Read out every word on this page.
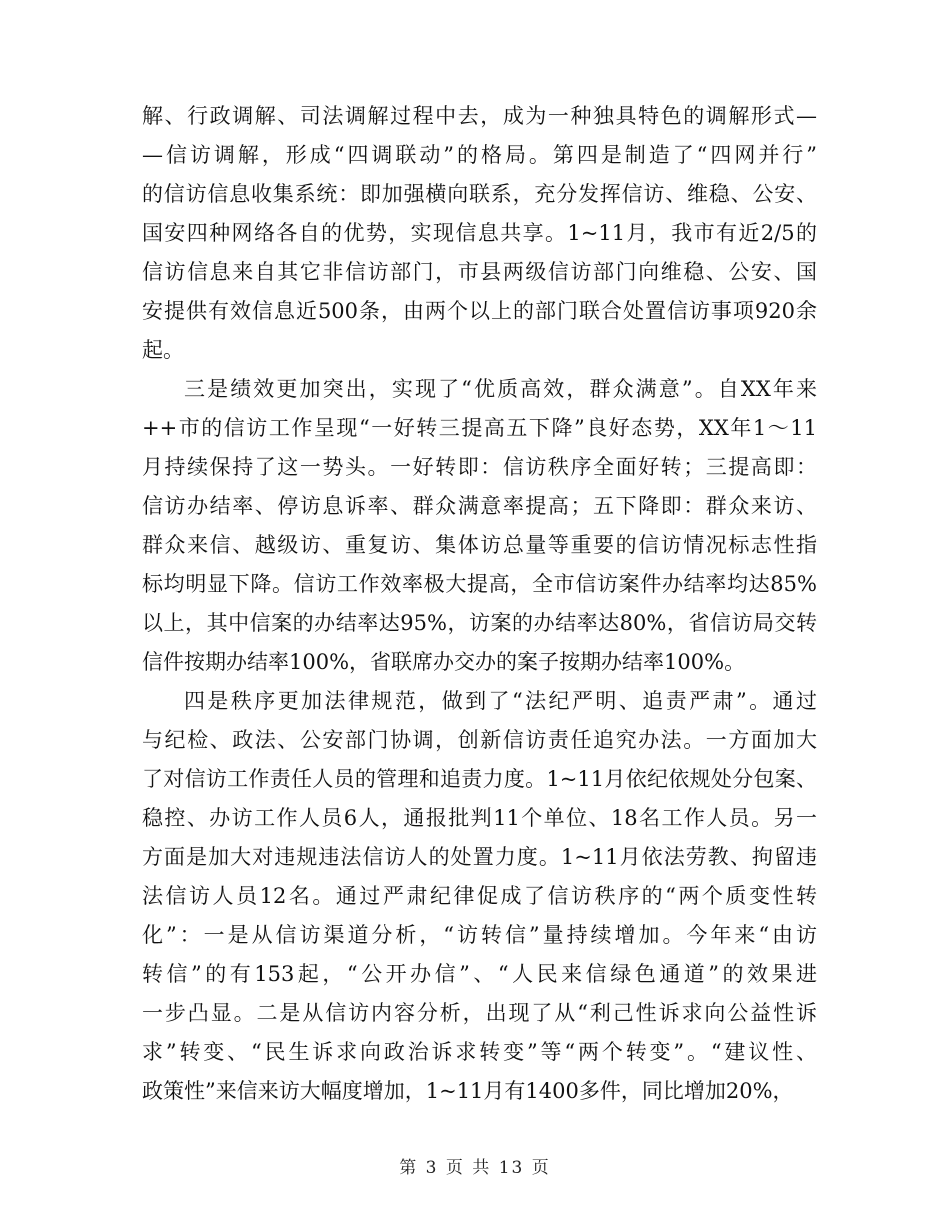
解、行政调解、司法调解过程中去，成为一种独具特色的调解形式—
—信访调解，形成“四调联动”的格局。第四是制造了“四网并行”
的信访信息收集系统：即加强横向联系，充分发挥信访、维稳、公安、
国安四种网络各自的优势，实现信息共享。1~11月，我市有近2/5的
信访信息来自其它非信访部门，市县两级信访部门向维稳、公安、国
安提供有效信息近500条，由两个以上的部门联合处置信访事项920余
起。
三是绩效更加突出，实现了“优质高效，群众满意”。自XX年来
++市的信访工作呈现“一好转三提高五下降”良好态势，XX年1～11
月持续保持了这一势头。一好转即：信访秩序全面好转；三提高即：
信访办结率、停访息诉率、群众满意率提高；五下降即：群众来访、
群众来信、越级访、重复访、集体访总量等重要的信访情况标志性指
标均明显下降。信访工作效率极大提高，全市信访案件办结率均达85%
以上，其中信案的办结率达95%，访案的办结率达80%，省信访局交转
信件按期办结率100%，省联席办交办的案子按期办结率100%。
四是秩序更加法律规范，做到了“法纪严明、追责严肃”。通过
与纪检、政法、公安部门协调，创新信访责任追究办法。一方面加大
了对信访工作责任人员的管理和追责力度。1~11月依纪依规处分包案、
稳控、办访工作人员6人，通报批判11个单位、18名工作人员。另一
方面是加大对违规违法信访人的处置力度。1~11月依法劳教、拘留违
法信访人员12名。通过严肃纪律促成了信访秩序的“两个质变性转
化”：一是从信访渠道分析，“访转信”量持续增加。今年来“由访
转信”的有153起，“公开办信”、“人民来信绿色通道”的效果进
一步凸显。二是从信访内容分析，出现了从“利己性诉求向公益性诉
求”转变、“民生诉求向政治诉求转变”等“两个转变”。“建议性、
政策性”来信来访大幅度增加，1~11月有1400多件，同比增加20%，
第 3 页 共 13 页
